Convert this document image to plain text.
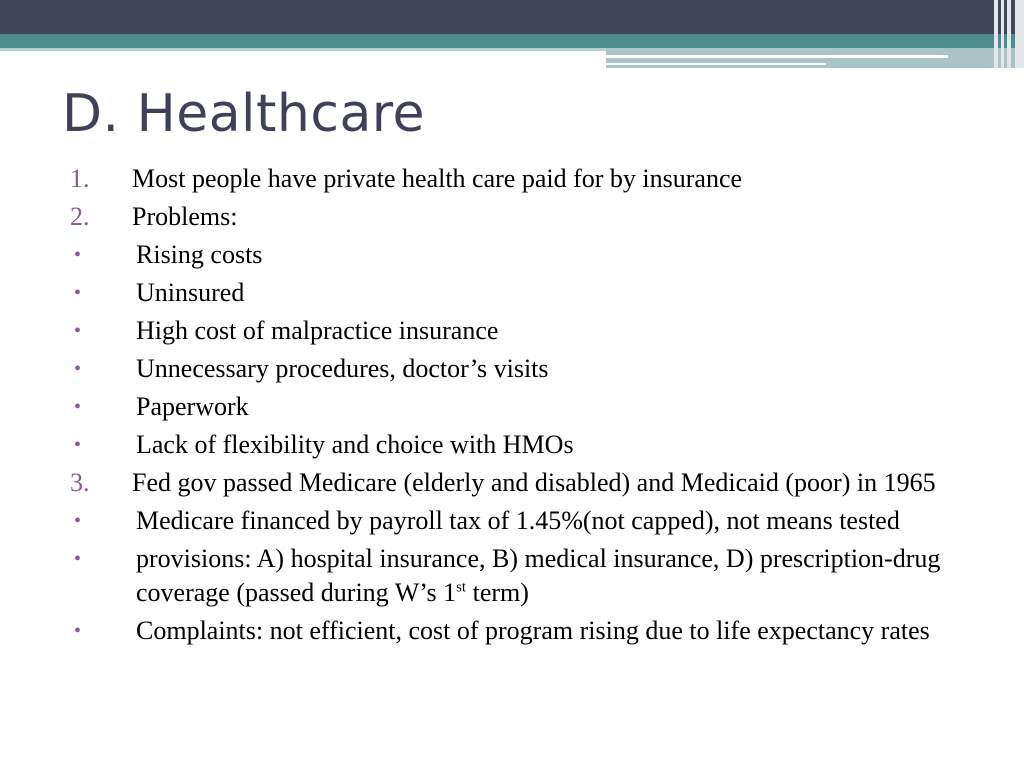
D. Healthcare
1.	Most people have private health care paid for by insurance
2.	Problems:
•	Rising costs
•	Uninsured
•	High cost of malpractice insurance
•	Unnecessary procedures, doctor’s visits
•	Paperwork
•	Lack of flexibility and choice with HMOs
3.	Fed gov passed Medicare (elderly and disabled) and Medicaid (poor) in 1965
•	Medicare financed by payroll tax of 1.45%(not capped), not means tested
•	provisions: A) hospital insurance, B) medical insurance, D) prescription-drug coverage (passed during W’s 1st term)
•	Complaints: not efficient, cost of program rising due to life expectancy rates
